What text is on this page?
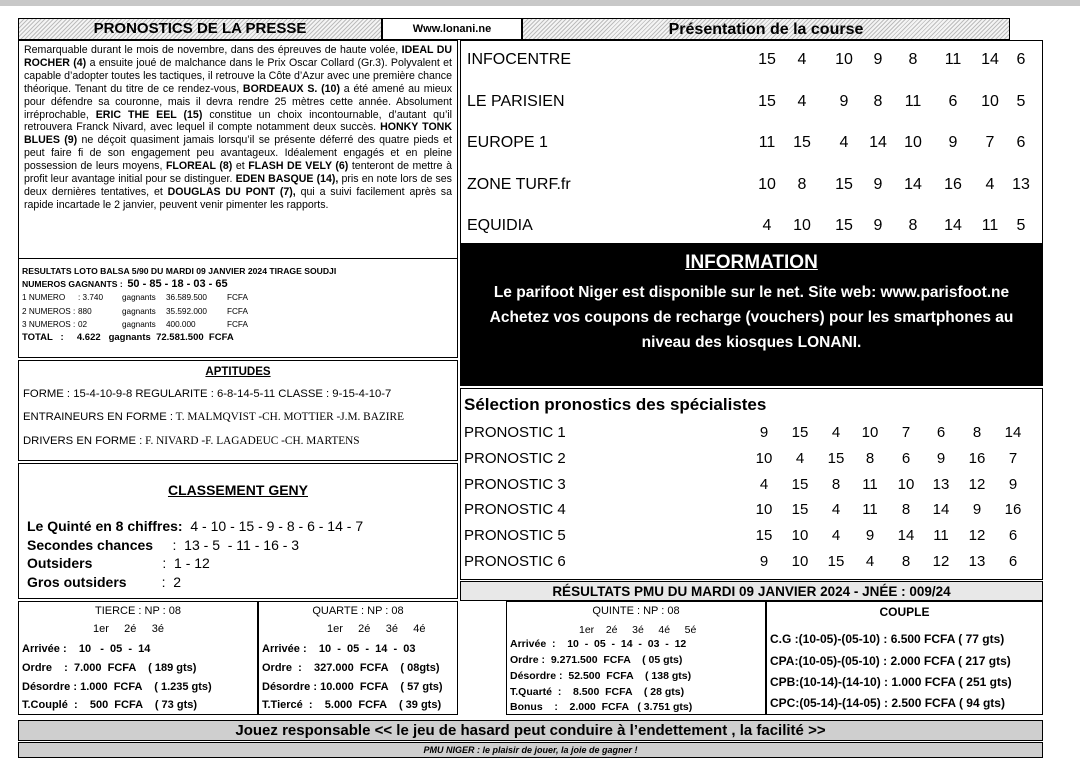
PRONOSTICS DE LA PRESSE	Www.lonani.ne	Présentation de la course
Remarquable durant le mois de novembre, dans des épreuves de haute volée, IDEAL DU ROCHER (4) a ensuite joué de malchance dans le Prix Oscar Collard (Gr.3). Polyvalent et capable d’adopter toutes les tactiques, il retrouve la Côte d’Azur avec une première chance théorique. Tenant du titre de ce rendez-vous, BORDEAUX S. (10) a été amené au mieux pour défendre sa couronne, mais il devra rendre 25 mètres cette année. Absolument irréprochable, ERIC THE EEL (15) constitue un choix incontournable, d’autant qu’il retrouvera Franck Nivard, avec lequel il compte notamment deux succès. HONKY TONK BLUES (9) ne déçoit quasiment jamais lorsqu’il se présente déferré des quatre pieds et peut faire fi de son engagement peu avantageux. Idéalement engagés et en pleine possession de leurs moyens, FLOREAL (8) et FLASH DE VELY (6) tenteront de mettre à profit leur avantage initial pour se distinguer. EDEN BASQUE (14), pris en note lors de ses deux dernières tentatives, et DOUGLAS DU PONT (7), qui a suivi facilement après sa rapide incartade le 2 janvier, peuvent venir pimenter les rapports.
INFOCENTRE	15	4	10	9	8	11	14	6
LE PARISIEN	15	4	9	8	11	6	10	5
EUROPE 1	11	15	4	14	10	9	7	6
ZONE TURF.fr	10	8	15	9	14	16	4	13
EQUIDIA	4	10	15	9	8	14	11	5
RESULTATS LOTO BALSA 5/90 DU MARDI 09 JANVIER 2024 TIRAGE SOUDJI
NUMEROS GAGNANTS : 50 - 85 - 18 - 03 - 65
1 NUMERO : 3.740 gagnants 36.589.500 FCFA
2 NUMEROS : 880	gagnants 35.592.000 FCFA
3 NUMEROS : 02	gagnants 400.000	FCFA
TOTAL   :     4.622   gagnants  72.581.500  FCFA
INFORMATION
Le parifoot Niger est disponible sur le net. Site web: www.parisfoot.ne
Achetez vos coupons de recharge (vouchers) pour les smartphones au
niveau des kiosques LONANI.
APTITUDES
FORME : 15-4-10-9-8 REGULARITE : 6-8-14-5-11 CLASSE : 9-15-4-10-7
ENTRAINEURS EN FORME : T. MALMQVIST -CH. MOTTIER -J.M. BAZIRE
DRIVERS EN FORME : F. NIVARD -F. LAGADEUC -CH. MARTENS
CLASSEMENT GENY
Le Quinté en 8 chiffres:  4 - 10 - 15 - 9 - 8 - 6 - 14 - 7
Secondes chances     :  13 - 5  - 11 - 16 - 3
Outsiders                  :  1 - 12
Gros outsiders         :  2
Sélection pronostics des spécialistes
PRONOSTIC 1	9	15	4	10	7	6	8	14
PRONOSTIC 2	10	4	15	8	6	9	16	7
PRONOSTIC 3	4	15	8	11	10	13	12	9
PRONOSTIC 4	10	15	4	11	8	14	9	16
PRONOSTIC 5	15	10	4	9	14	11	12	6
PRONOSTIC 6	9	10	15	4	8	12	13	6
RÉSULTATS PMU DU MARDI 09 JANVIER 2024 - JNÉE : 009/24
TIERCE : NP : 08
1er     2é     3é
Arrivée :    10   -  05  -  14
Ordre    :  7.000  FCFA    ( 189 gts)
Désordre : 1.000  FCFA    ( 1.235 gts)
T.Couplé  :    500  FCFA    ( 73 gts)
QUARTE : NP : 08
1er     2é     3é     4é
Arrivée :    10  -  05  -  14  -  03
Ordre  :    327.000  FCFA    ( 08gts)
Désordre : 10.000  FCFA    ( 57 gts)
T.Tiercé  :    5.000  FCFA    ( 39 gts)
QUINTE : NP : 08
1er    2é     3é     4é     5é
Arrivée  :    10  -  05  -  14  -  03  -  12
Ordre :  9.271.500  FCFA    ( 05 gts)
Désordre :  52.500  FCFA    ( 138 gts)
T.Quarté  :    8.500  FCFA    ( 28 gts)
Bonus    :    2.000  FCFA   ( 3.751 gts)
COUPLE
C.G :(10-05)-(05-10) : 6.500 FCFA ( 77 gts)
CPA:(10-05)-(05-10) : 2.000 FCFA ( 217 gts)
CPB:(10-14)-(14-10) : 1.000 FCFA ( 251 gts)
CPC:(05-14)-(14-05) : 2.500 FCFA ( 94 gts)
Jouez responsable << le jeu de hasard peut conduire à l’endettement , la facilité >>
PMU NIGER : le plaisir de jouer, la joie de gagner !
